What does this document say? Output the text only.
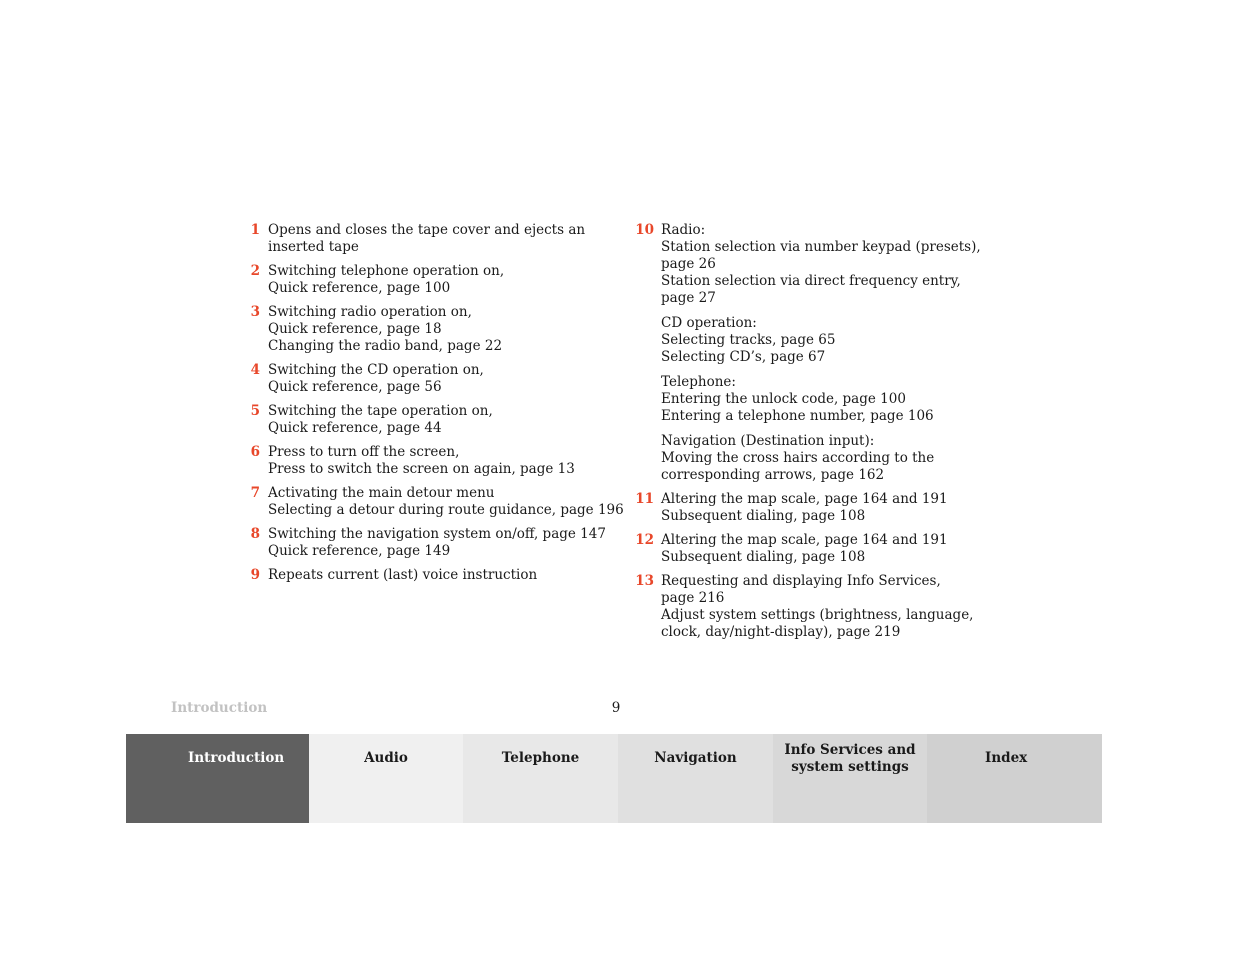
1 Opens and closes the tape cover and ejects an
inserted tape
2 Switching telephone operation on,
Quick reference, page 100
3 Switching radio operation on,
Quick reference, page 18
Changing the radio band, page 22
4 Switching the CD operation on,
Quick reference, page 56
5 Switching the tape operation on,
Quick reference, page 44
6 Press to turn off the screen,
Press to switch the screen on again, page 13
7 Activating the main detour menu
Selecting a detour during route guidance, page 196
8 Switching the navigation system on/off, page 147
Quick reference, page 149
9 Repeats current (last) voice instruction
10 Radio:
Station selection via number keypad (presets),
page 26
Station selection via direct frequency entry,
page 27
CD operation:
Selecting tracks, page 65
Selecting CD’s, page 67
Telephone:
Entering the unlock code, page 100
Entering a telephone number, page 106
Navigation (Destination input):
Moving the cross hairs according to the
corresponding arrows, page 162
11 Altering the map scale, page 164 and 191
Subsequent dialing, page 108
12 Altering the map scale, page 164 and 191
Subsequent dialing, page 108
13 Requesting and displaying Info Services,
page 216
Adjust system settings (brightness, language,
clock, day/night-display), page 219
Introduction	9
Introduction	Audio	Telephone	Navigation	Info Services and
system settings
Index
